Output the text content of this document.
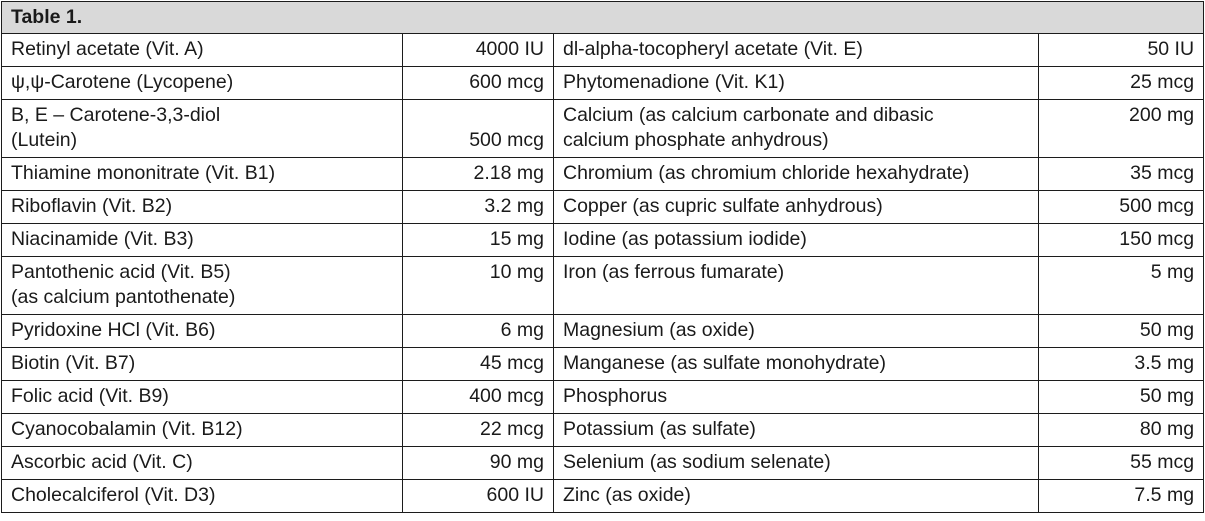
Table 1.			
Retinyl acetate (Vit. A)	4000 IU	dl-alpha-tocopheryl acetate (Vit. E)	50 IU
ψ,ψ-Carotene (Lycopene)	600 mcg	Phytomenadione (Vit. K1)	25 mcg

B, E – Carotene-3,3-diol
(Lutein)	500 mcg	Calcium (as calcium carbonate and dibasic
calcium phosphate anhydrous)	200 mg
Thiamine mononitrate (Vit. B1)	2.18 mg	Chromium (as chromium chloride hexahydrate)	35 mcg
Riboflavin (Vit. B2)	3.2 mg	Copper (as cupric sulfate anhydrous)	500 mcg
Niacinamide (Vit. B3)	15 mg	Iodine (as potassium iodide)	150 mcg

Pantothenic acid (Vit. B5)
(as calcium pantothenate)	10 mg	Iron (as ferrous fumarate)	5 mg
Pyridoxine HCl (Vit. B6)	6 mg	Magnesium (as oxide)	50 mg
Biotin (Vit. B7)	45 mcg	Manganese (as sulfate monohydrate)	3.5 mg
Folic acid (Vit. B9)	400 mcg	Phosphorus	50 mg
Cyanocobalamin (Vit. B12)	22 mcg	Potassium (as sulfate)	80 mg
Ascorbic acid (Vit. C)	90 mg	Selenium (as sodium selenate)	55 mcg
Cholecalciferol (Vit. D3)	600 IU	Zinc (as oxide)	7.5 mg
